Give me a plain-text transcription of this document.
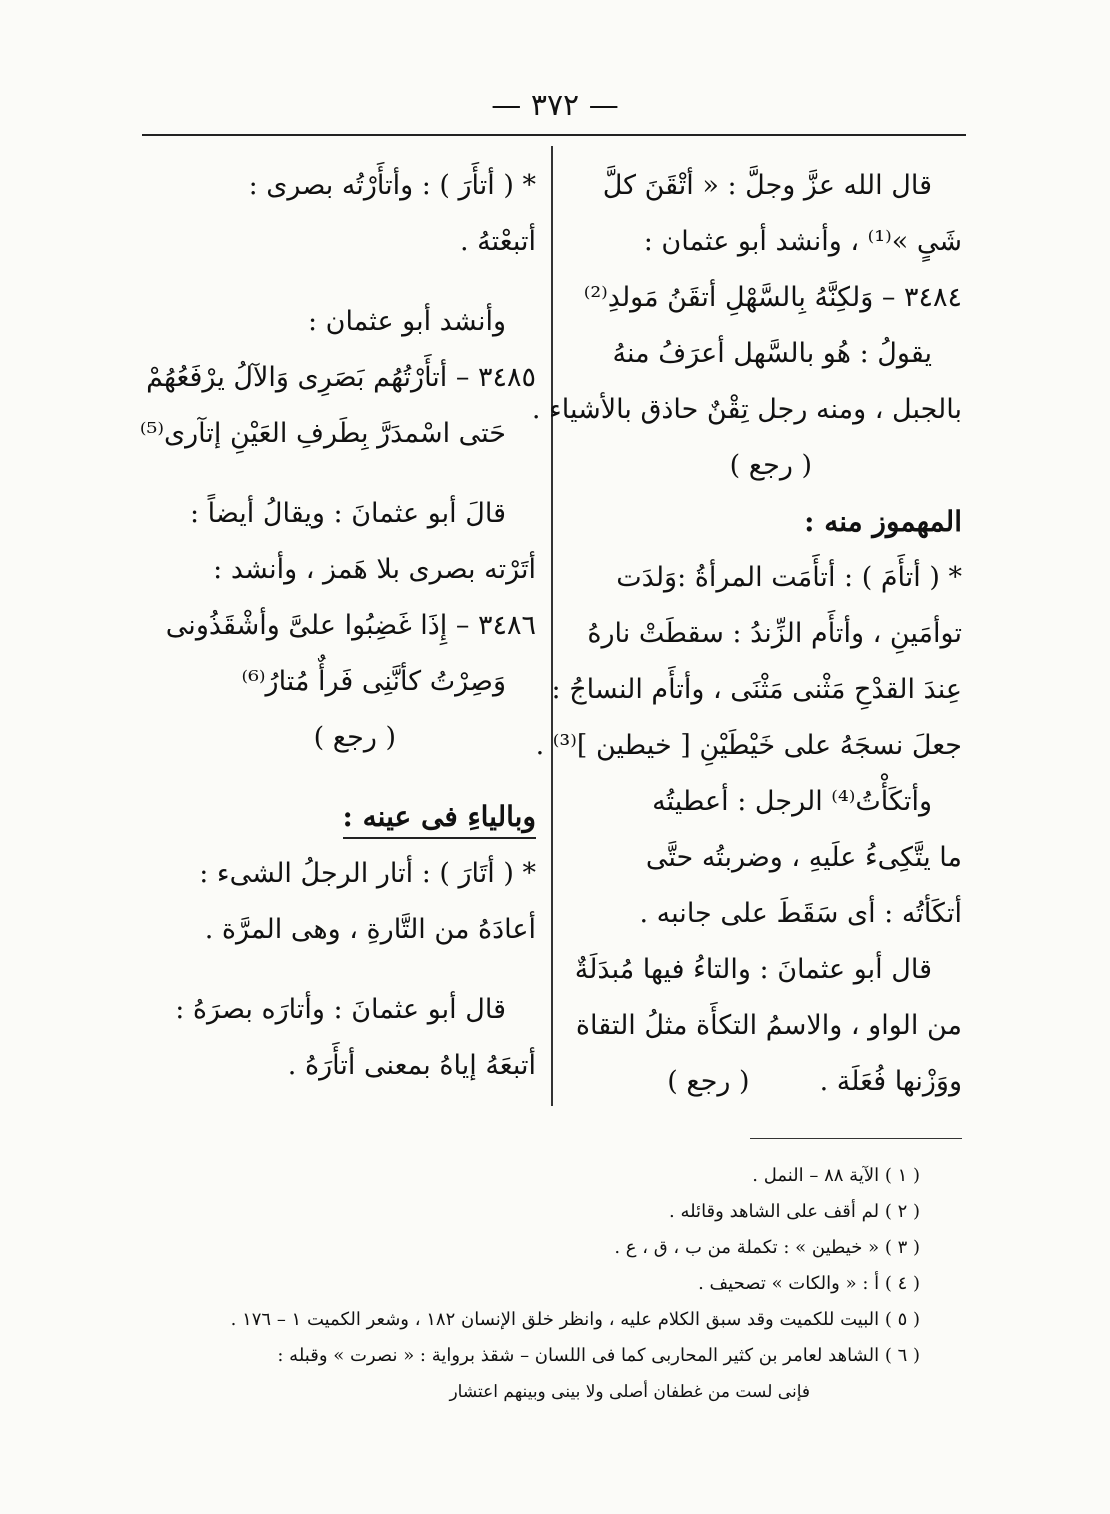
— ٣٧٢ —
قال الله عزَّ وجلَّ : « أتْقَنَ كلَّ
شَىٍ »⁽¹⁾ ، وأنشد أبو عثمان :
٣٤٨٤ – وَلكِنَّهُ بِالسَّهْلِ أتقَنُ مَولدِ⁽²⁾
يقولُ : هُو بالسَّهل أعرَفُ منهُ
بالجبل ، ومنه رجل تِقْنٌ حاذق بالأشياء .
( رجع )
المهموز منه :
* ( أتأَمَ ) : أتأَمَت المرأةُ :وَلدَت
توأمَينِ ، وأتأَم الزِّندُ : سقطَتْ نارهُ
عِندَ القدْحِ مَثْنى مَثْنَى ، وأتأَم النساجُ :
جعلَ نسجَهُ على خَيْطَيْنِ [ خيطين ]⁽³⁾ .
وأتكَأْتُ⁽⁴⁾ الرجل : أعطيتُه
ما يتَّكِىءُ علَيهِ ، وضربتُه حتَّى
أتكَأتُه : أى سَقَطَ على جانبه .
قال أبو عثمانَ : والتاءُ فيها مُبدَلَةٌ
من الواو ، والاسمُ التكأَة مثلُ التقاة
ووَزْنها فُعَلَة .( رجع )
* ( أتأَرَ ) : وأتأَرْتُه بصرى :
أتبعْتهُ .
وأنشد أبو عثمان :
٣٤٨٥ – أتأَرْتُهُم بَصَرِى وَالآلُ يرْفَعُهُمْ
حَتى اسْمدَرَّ بِطَرفِ العَيْنِ إتآرى⁽⁵⁾
قالَ أبو عثمانَ : ويقالُ أيضاً :
أتَرْته بصرى بلا هَمز ، وأنشد :
٣٤٨٦ – إِذَا غَضِبُوا علىَّ وأشْقَذُونى
وَصِرْتُ كأنَّنِى فَرأٌ مُتارُ⁽⁶⁾
( رجع )
وبالياءِ فى عينه :
* ( أتَارَ ) : أتار الرجلُ الشىء :
أعادَهُ من التَّارةِ ، وهى المرَّة .
قال أبو عثمانَ : وأتارَه بصرَهُ :
أتبعَهُ إياهُ بمعنى أتأَرَهُ .
( ١ ) الآية ٨٨ – النمل .
( ٢ ) لم أقف على الشاهد وقائله .
( ٣ ) « خيطين » : تكملة من ب ، ق ، ع .
( ٤ ) أ : « والكات » تصحيف .
( ٥ ) البيت للكميت وقد سبق الكلام عليه ، وانظر خلق الإنسان ١٨٢ ، وشعر الكميت ١ – ١٧٦ .
( ٦ ) الشاهد لعامر بن كثير المحاربى كما فى اللسان – شقذ برواية : « نصرت » وقبله :
فإنى لست من غطفان أصلى ولا بينى وبينهم اعتشار
